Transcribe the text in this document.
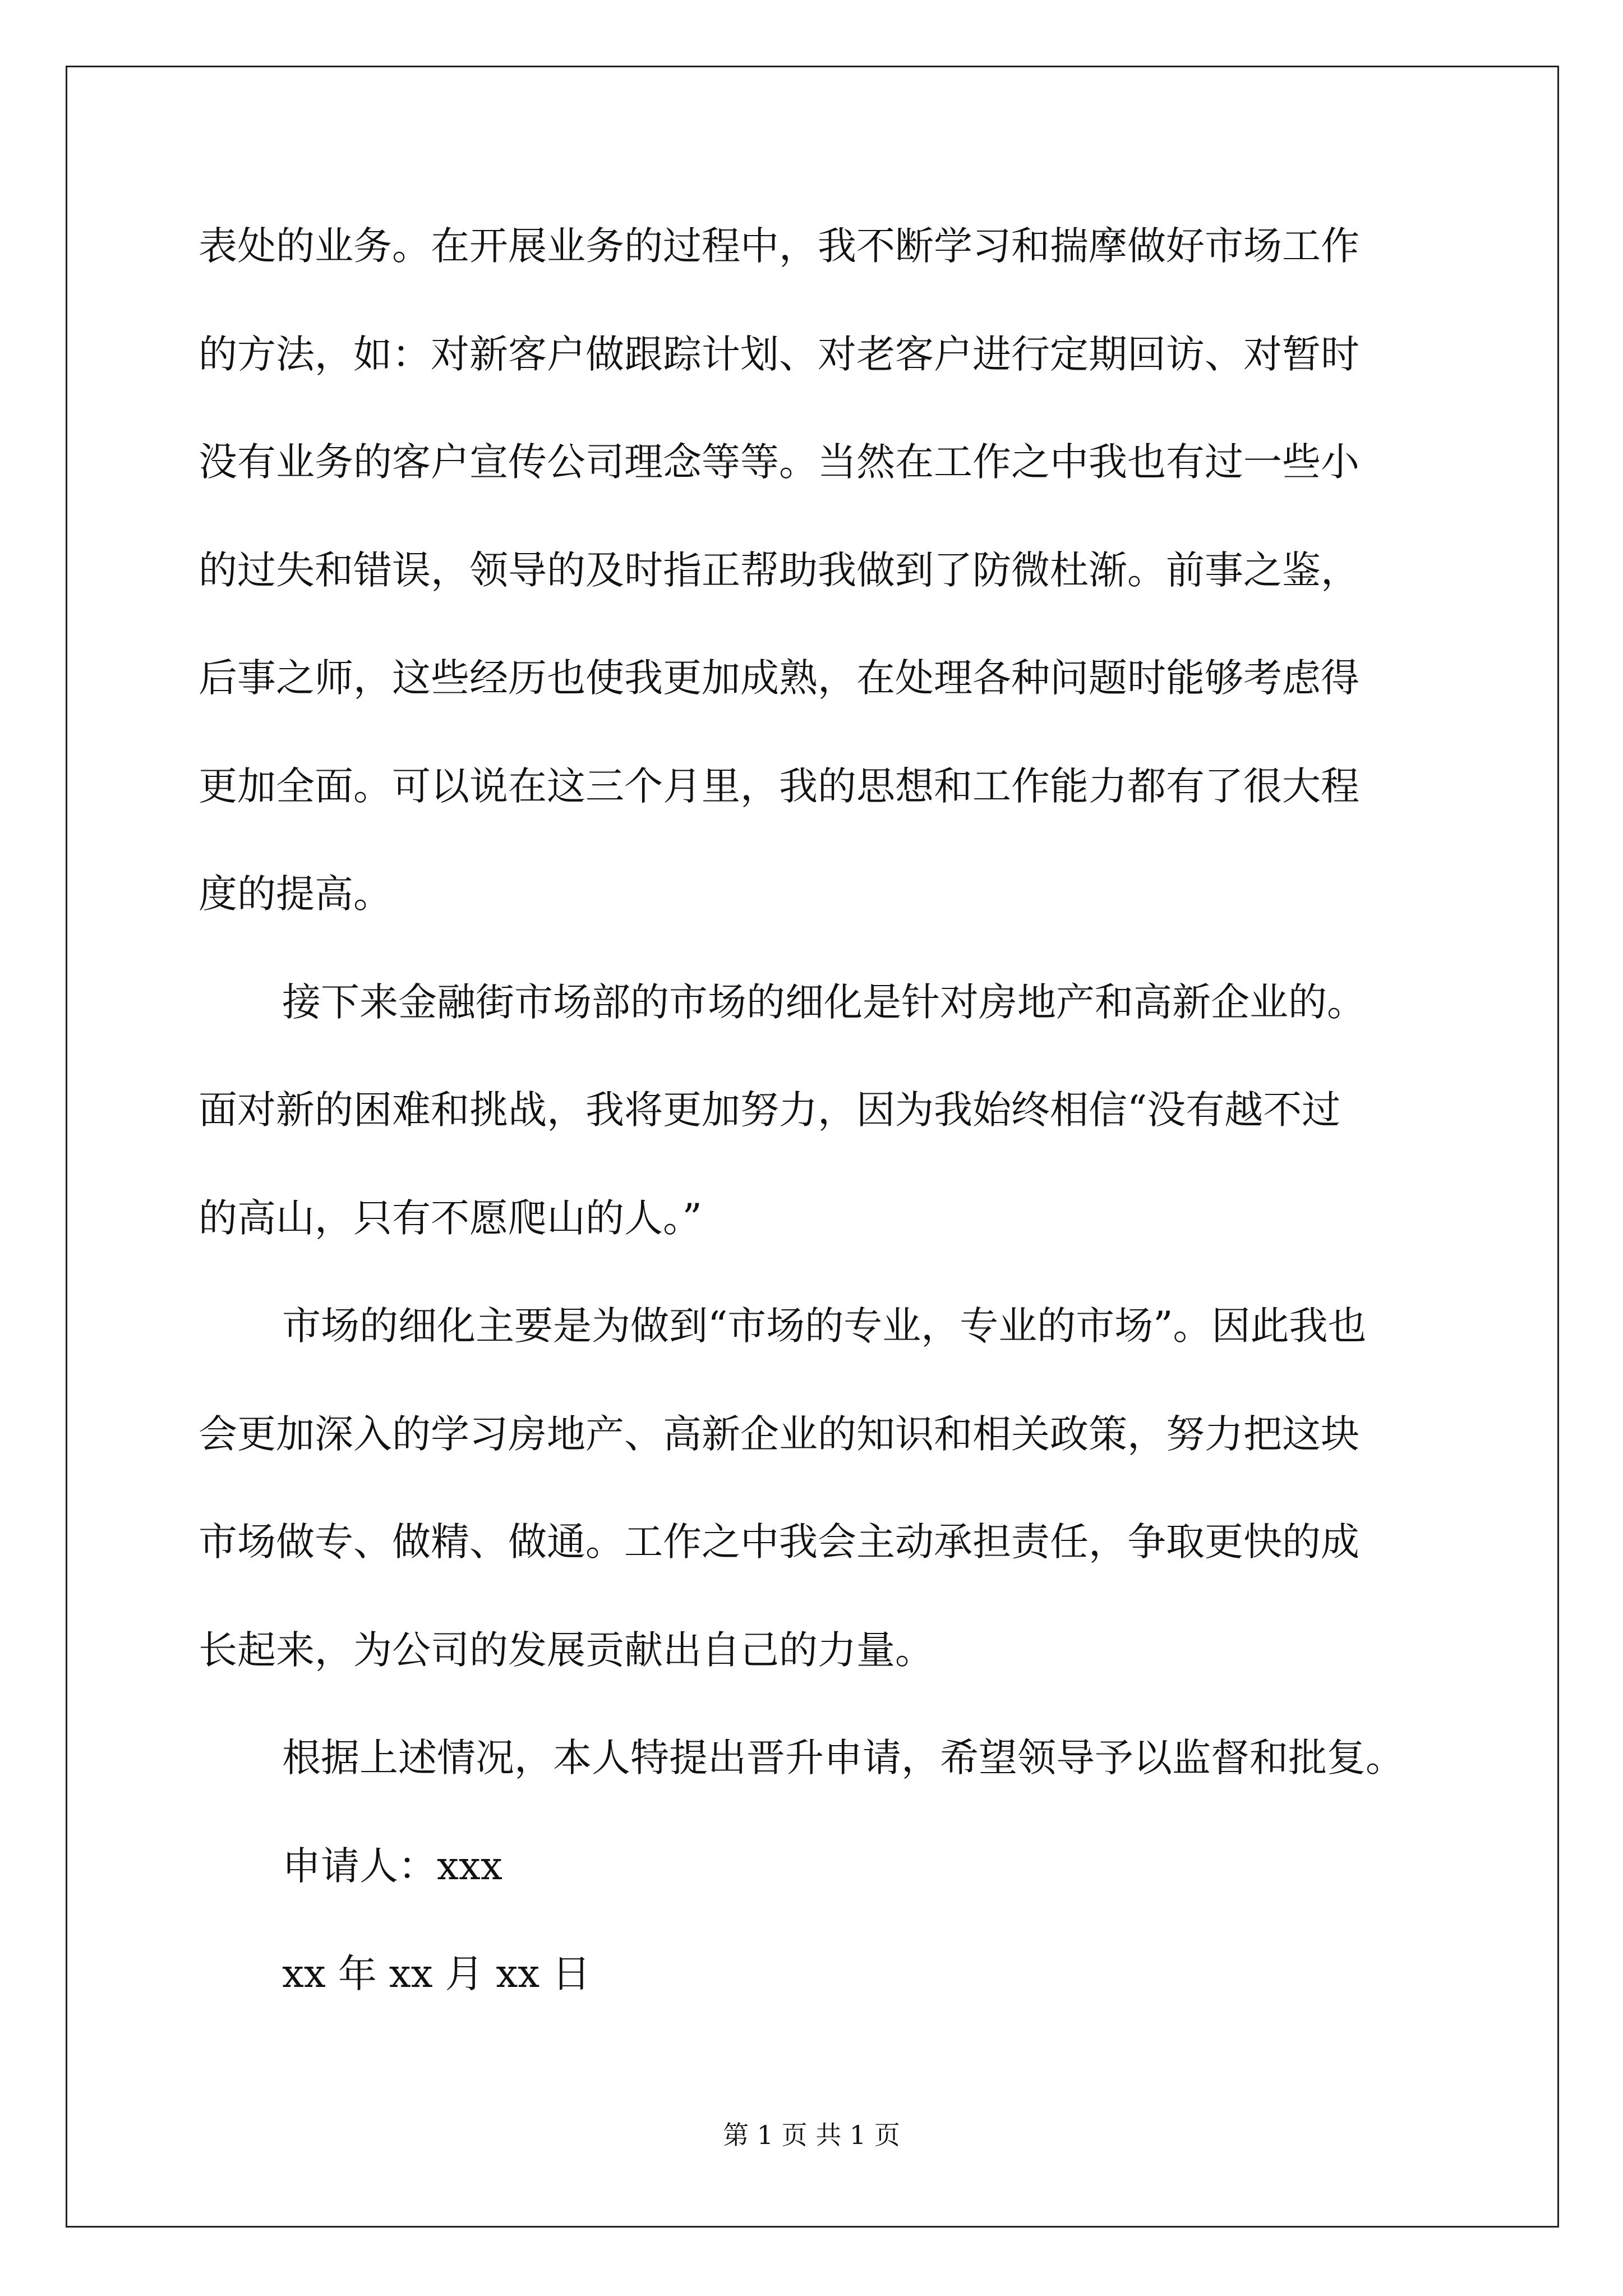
表处的业务。在开展业务的过程中，我不断学习和揣摩做好市场工作
的方法，如：对新客户做跟踪计划、对老客户进行定期回访、对暂时
没有业务的客户宣传公司理念等等。当然在工作之中我也有过一些小
的过失和错误，领导的及时指正帮助我做到了防微杜渐。前事之鉴，
后事之师，这些经历也使我更加成熟，在处理各种问题时能够考虑得
更加全面。可以说在这三个月里，我的思想和工作能力都有了很大程
度的提高。
接下来金融街市场部的市场的细化是针对房地产和高新企业的。
面对新的困难和挑战，我将更加努力，因为我始终相信“没有越不过
的高山，只有不愿爬山的人。”
市场的细化主要是为做到“市场的专业，专业的市场”。因此我也
会更加深入的学习房地产、高新企业的知识和相关政策，努力把这块
市场做专、做精、做通。工作之中我会主动承担责任，争取更快的成
长起来，为公司的发展贡献出自己的力量。
根据上述情况，本人特提出晋升申请，希望领导予以监督和批复。
申请人：xxx
xx 年 xx 月 xx 日
第 1 页 共 1 页
